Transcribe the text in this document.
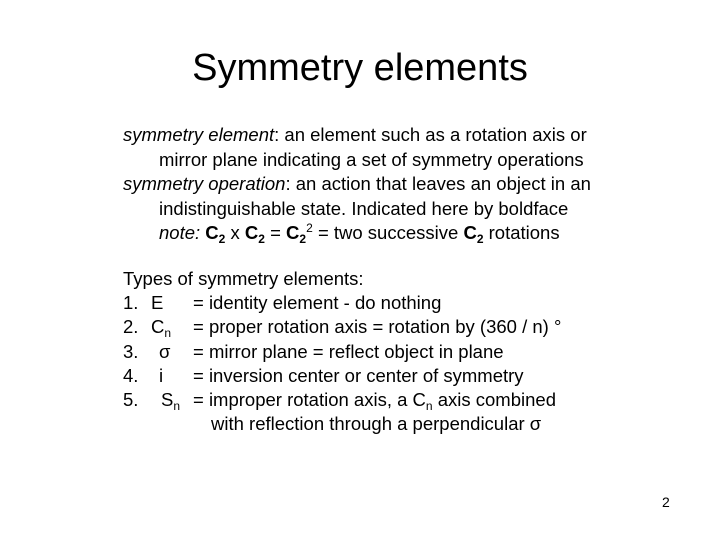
Symmetry elements
symmetry element: an element such as a rotation axis or
mirror plane indicating a set of symmetry operations
symmetry operation: an action that leaves an object in an
indistinguishable state. Indicated here by boldface
note: $C_2$ x $C_2 = C_2^2$ = two successive $C_2$ rotations
Types of symmetry elements:
1. E = identity element - do nothing
2. $C_n$ = proper rotation axis = rotation by (360 / n) °
3. σ = mirror plane = reflect object in plane
4. i = inversion center or center of symmetry
5. $S_n$ = improper rotation axis, a $C_n$ axis combined
with reflection through a perpendicular σ
2
